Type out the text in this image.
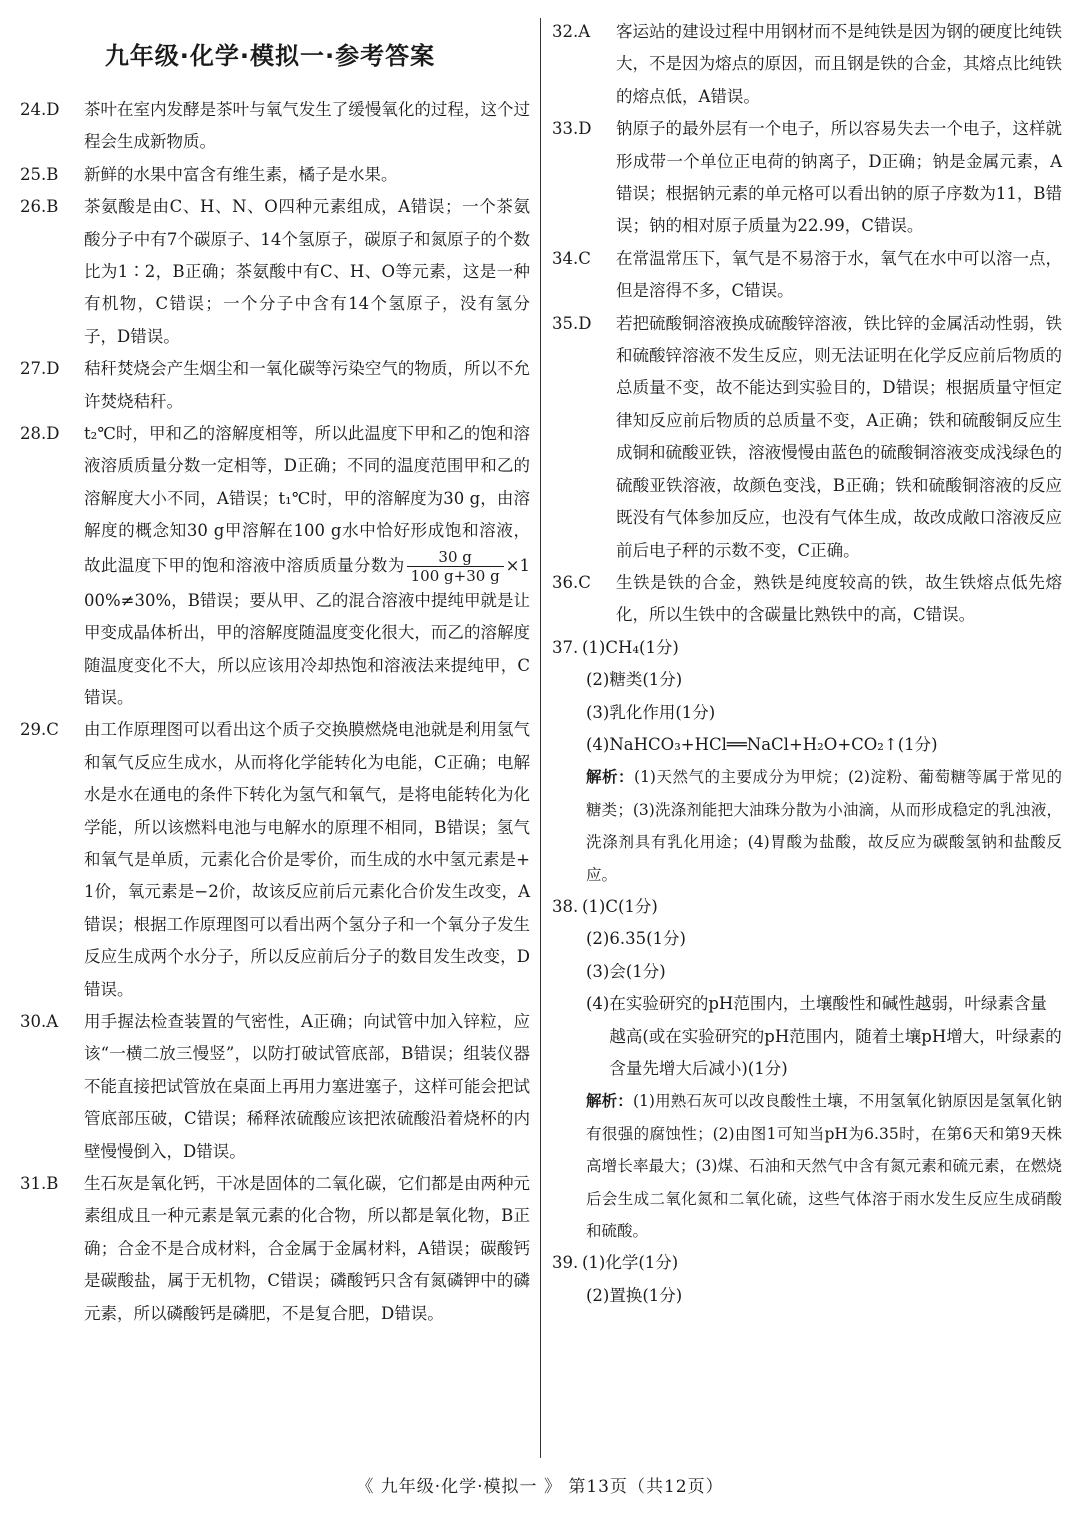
九年级·化学·模拟一·参考答案
24.D	茶叶在室内发酵是茶叶与氧气发生了缓慢氧化的过程，这个过程会生成新物质。
25.B	新鲜的水果中富含有维生素，橘子是水果。
26.B	茶氨酸是由C、H、N、O四种元素组成，A错误；一个茶氨酸分子中有7个碳原子、14个氢原子，碳原子和氮原子的个数比为1∶2，B正确；茶氨酸中有C、H、O等元素，这是一种有机物，C错误；一个分子中含有14个氢原子，没有氢分子，D错误。
27.D	秸秆焚烧会产生烟尘和一氧化碳等污染空气的物质，所以不允许焚烧秸秆。
28.D	t₂℃时，甲和乙的溶解度相等，所以此温度下甲和乙的饱和溶液溶质质量分数一定相等，D正确；不同的温度范围甲和乙的溶解度大小不同，A错误；t₁℃时，甲的溶解度为30 g，由溶解度的概念知30 g甲溶解在100 g水中恰好形成饱和溶液，故此温度下甲的饱和溶液中溶质质量分数为 $\frac{30 g}{100 g+30 g} \times 100\%\ne 30\%$，B错误；要从甲、乙的混合溶液中提纯甲就是让甲变成晶体析出，甲的溶解度随温度变化很大，而乙的溶解度随温度变化不大，所以应该用冷却热饱和溶液法来提纯甲，C错误。
29.C	由工作原理图可以看出这个质子交换膜燃烧电池就是利用氢气和氧气反应生成水，从而将化学能转化为电能，C正确；电解水是水在通电的条件下转化为氢气和氧气，是将电能转化为化学能，所以该燃料电池与电解水的原理不相同，B错误；氢气和氧气是单质，元素化合价是零价，而生成的水中氢元素是+1价，氧元素是−2价，故该反应前后元素化合价发生改变，A错误；根据工作原理图可以看出两个氢分子和一个氧分子发生反应生成两个水分子，所以反应前后分子的数目发生改变，D错误。
30.A	用手握法检查装置的气密性，A正确；向试管中加入锌粒，应该“一横二放三慢竖”，以防打破试管底部，B错误；组装仪器不能直接把试管放在桌面上再用力塞进塞子，这样可能会把试管底部压破，C错误；稀释浓硫酸应该把浓硫酸沿着烧杯的内壁慢慢倒入，D错误。
31.B	生石灰是氧化钙，干冰是固体的二氧化碳，它们都是由两种元素组成且一种元素是氧元素的化合物，所以都是氧化物，B正确；合金不是合成材料，合金属于金属材料，A错误；碳酸钙是碳酸盐，属于无机物，C错误；磷酸钙只含有氮磷钾中的磷元素，所以磷酸钙是磷肥，不是复合肥，D错误。
32.A	客运站的建设过程中用钢材而不是纯铁是因为钢的硬度比纯铁大，不是因为熔点的原因，而且钢是铁的合金，其熔点比纯铁的熔点低，A错误。
33.D	钠原子的最外层有一个电子，所以容易失去一个电子，这样就形成带一个单位正电荷的钠离子，D正确；钠是金属元素，A错误；根据钠元素的单元格可以看出钠的原子序数为11，B错误；钠的相对原子质量为22.99，C错误。
34.C	在常温常压下，氧气是不易溶于水，氧气在水中可以溶一点，但是溶得不多，C错误。
35.D	若把硫酸铜溶液换成硫酸锌溶液，铁比锌的金属活动性弱，铁和硫酸锌溶液不发生反应，则无法证明在化学反应前后物质的总质量不变，故不能达到实验目的，D错误；根据质量守恒定律知反应前后物质的总质量不变，A正确；铁和硫酸铜反应生成铜和硫酸亚铁，溶液慢慢由蓝色的硫酸铜溶液变成浅绿色的硫酸亚铁溶液，故颜色变浅，B正确；铁和硫酸铜溶液的反应既没有气体参加反应，也没有气体生成，故改成敞口溶液反应前后电子秤的示数不变，C正确。
36.C	生铁是铁的合金，熟铁是纯度较高的铁，故生铁熔点低先熔化，所以生铁中的含碳量比熟铁中的高，C错误。
37. (1)CH₄(1分)
(2)糖类(1分)
(3)乳化作用(1分)
(4)NaHCO₃+HCl══NaCl+H₂O+CO₂↑(1分)
解析：(1)天然气的主要成分为甲烷；(2)淀粉、葡萄糖等属于常见的糖类；(3)洗涤剂能把大油珠分散为小油滴，从而形成稳定的乳浊液，洗涤剂具有乳化用途；(4)胃酸为盐酸，故反应为碳酸氢钠和盐酸反应。
38. (1)C(1分)
(2)6.35(1分)
(3)会(1分)
(4) 在实验研究的pH范围内，土壤酸性和碱性越弱，叶绿素含量越高(或在实验研究的pH范围内，随着土壤pH增大，叶绿素的含量先增大后减小)(1分)
解析：(1)用熟石灰可以改良酸性土壤，不用氢氧化钠原因是氢氧化钠有很强的腐蚀性；(2)由图1可知当pH为6.35时，在第6天和第9天株高增长率最大；(3)煤、石油和天然气中含有氮元素和硫元素，在燃烧后会生成二氧化氮和二氧化硫，这些气体溶于雨水发生反应生成硝酸和硫酸。
39. (1)化学(1分)
(2)置换(1分)
《 九年级·化学·模拟一 》 第13页（共12页）
